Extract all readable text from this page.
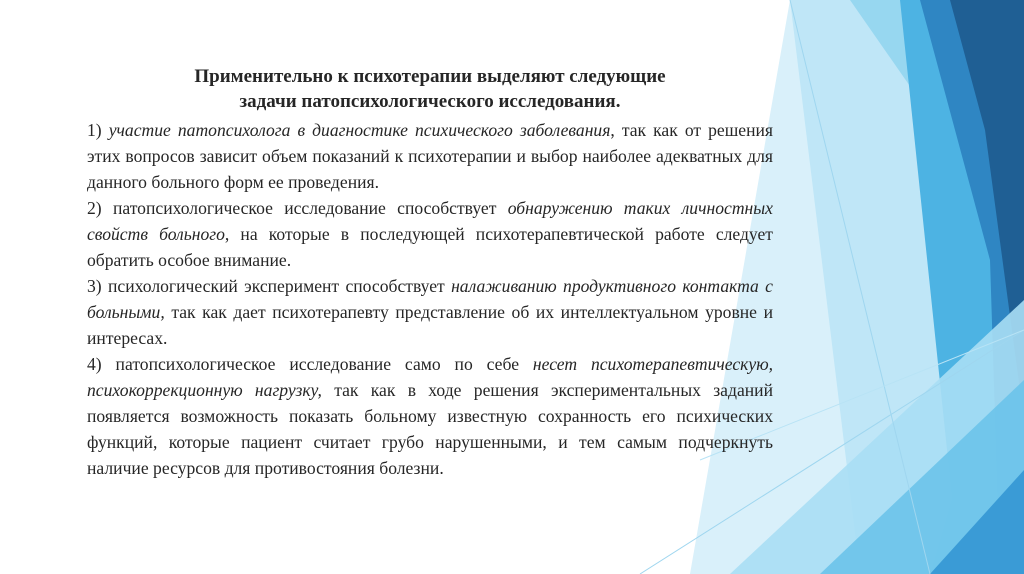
Применительно к психотерапии выделяют следующие
задачи патопсихологического исследования.

1) участие патопсихолога в диагностике психического заболевания, так как от решения этих вопросов зависит объем показаний к психотерапии и выбор наиболее адекватных для данного больного форм ее проведения.

2) патопсихологическое исследование способствует обнаружению таких личностных свойств больного, на которые в последующей психотерапевтической работе следует обратить особое внимание.

3) психологический эксперимент способствует налаживанию продуктивного контакта с больными, так как дает психотерапевту представление об их интеллектуальном уровне и интересах.

4) патопсихологическое исследование само по себе несет психотерапевтическую, психокоррекционную нагрузку, так как в ходе решения экспериментальных заданий появляется возможность показать больному известную сохранность его психических функций, которые пациент считает грубо нарушенными, и тем самым подчеркнуть наличие ресурсов для противостояния болезни.
